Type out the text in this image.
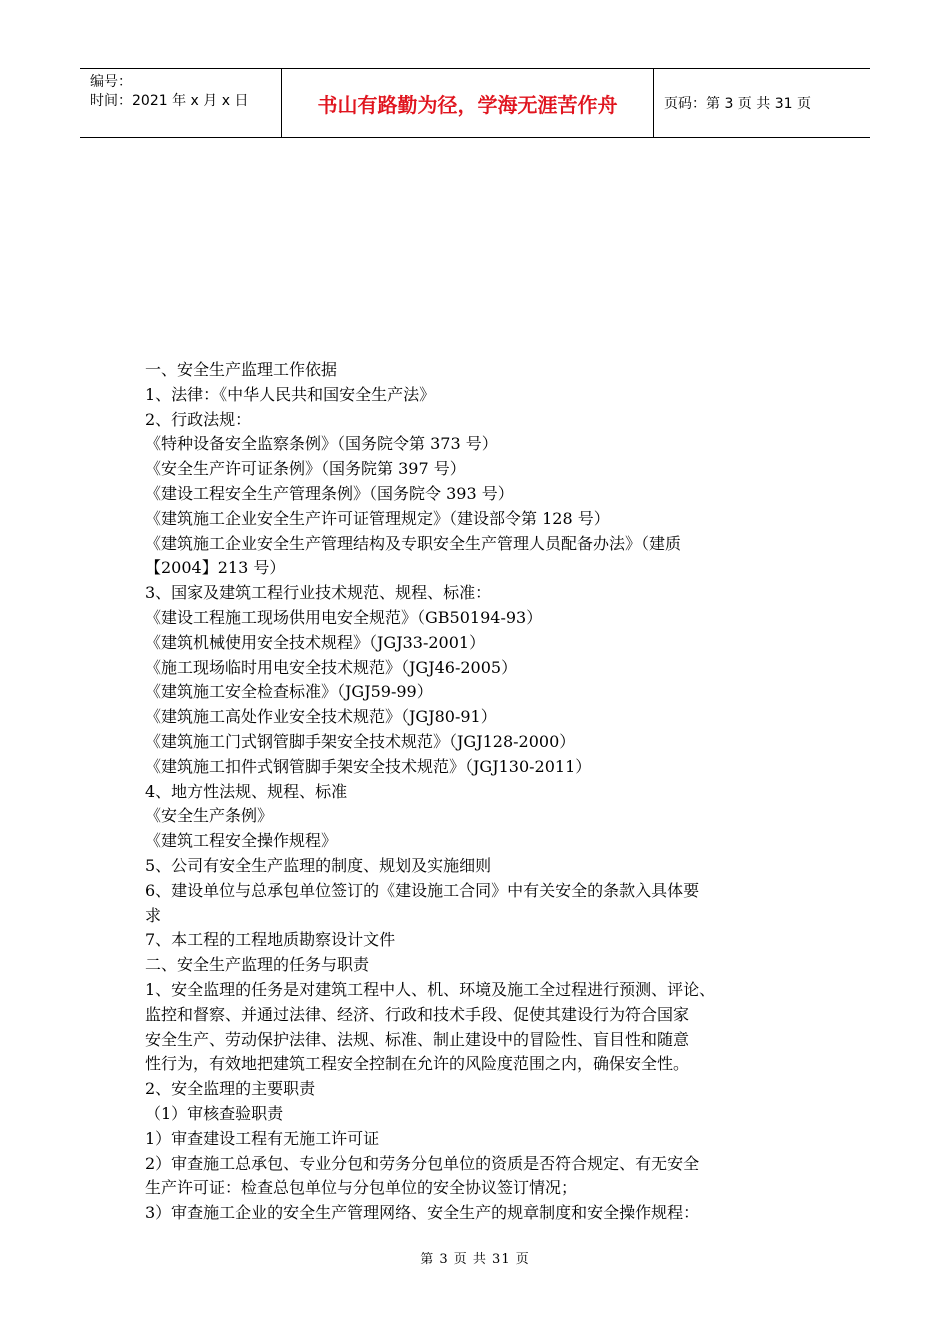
编号：
时间：2021 年 x 月 x 日	书山有路勤为径，学海无涯苦作舟	页码：第 3 页 共 31 页

一、安全生产监理工作依据

1、法律：《中华人民共和国安全生产法》

2、行政法规：

《特种设备安全监察条例》（国务院令第 373 号）

《安全生产许可证条例》（国务院第 397 号）

《建设工程安全生产管理条例》（国务院令 393 号）

《建筑施工企业安全生产许可证管理规定》（建设部令第 128 号）

《建筑施工企业安全生产管理结构及专职安全生产管理人员配备办法》（建质

【2004】213 号）

3、国家及建筑工程行业技术规范、规程、标准：

《建设工程施工现场供用电安全规范》（GB50194-93）

《建筑机械使用安全技术规程》（JGJ33-2001）

《施工现场临时用电安全技术规范》（JGJ46-2005）

《建筑施工安全检查标准》（JGJ59-99）

《建筑施工高处作业安全技术规范》（JGJ80-91）

《建筑施工门式钢管脚手架安全技术规范》（JGJ128-2000）

《建筑施工扣件式钢管脚手架安全技术规范》（JGJ130-2011）

4、地方性法规、规程、标准

《安全生产条例》

《建筑工程安全操作规程》

5、公司有安全生产监理的制度、规划及实施细则

6、建设单位与总承包单位签订的《建设施工合同》中有关安全的条款入具体要

求

7、本工程的工程地质勘察设计文件

二、安全生产监理的任务与职责

1、安全监理的任务是对建筑工程中人、机、环境及施工全过程进行预测、评论、

监控和督察、并通过法律、经济、行政和技术手段、促使其建设行为符合国家

安全生产、劳动保护法律、法规、标准、制止建设中的冒险性、盲目性和随意

性行为，有效地把建筑工程安全控制在允许的风险度范围之内，确保安全性。

2、安全监理的主要职责

（1）审核查验职责

1）审查建设工程有无施工许可证

2）审查施工总承包、专业分包和劳务分包单位的资质是否符合规定、有无安全

生产许可证：检查总包单位与分包单位的安全协议签订情况；

3）审查施工企业的安全生产管理网络、安全生产的规章制度和安全操作规程：

第 3 页 共 31 页
